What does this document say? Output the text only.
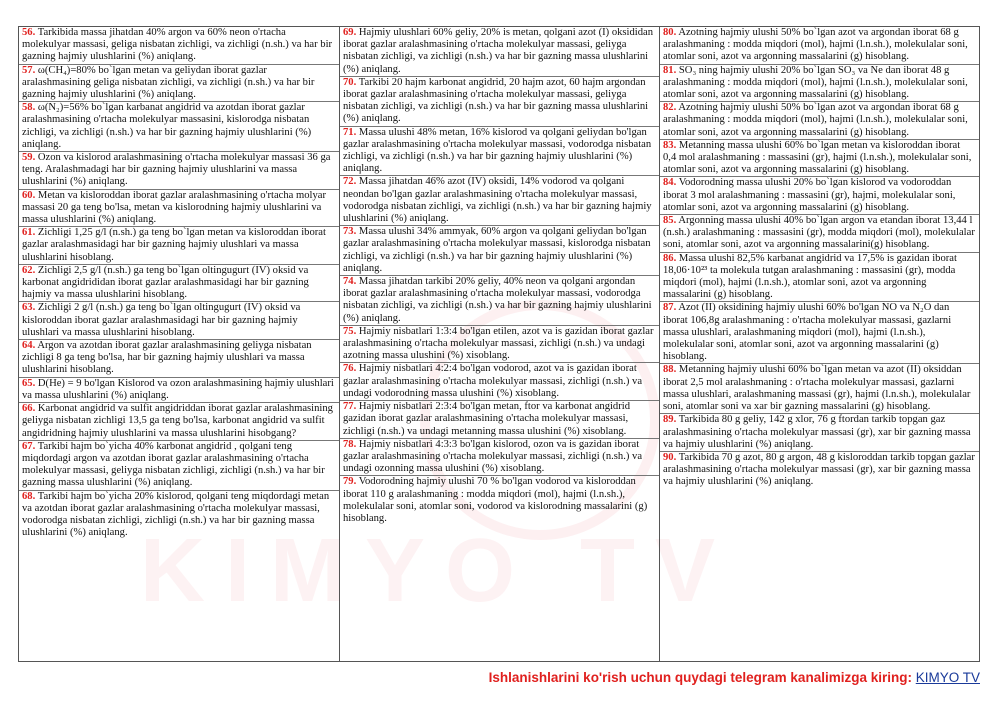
KIMYO TV
56. Tarkibida massa jihatdan 40% argon va 60% neon o'rtacha molekulyar massasi, geliga nisbatan zichligi, va zichligi (n.sh.) va har bir gazning hajmiy ulushlarini (%) aniqlang.
57. ω(CH₄)=80% bo`lgan metan va geliydan iborat gazlar aralashmasining geliga nisbatan zichligi, va zichligi (n.sh.) va har bir gazning hajmiy ulushlarini (%) aniqlang.
58. ω(N₂)=56% bo`lgan karbanat angidrid va azotdan iborat gazlar aralashmasining o'rtacha molekulyar massasini, kislorodga nisbatan zichligi, va zichligi (n.sh.) va har bir gazning hajmiy ulushlarini (%) aniqlang.
59. Ozon va kislorod aralashmasining o'rtacha molekulyar massasi 36 ga teng. Aralashmadagi har bir gazning hajmiy ulushlarini va massa ulushlarini (%) aniqlang.
60. Metan va kisloroddan iborat gazlar aralashmasining o'rtacha molyar massasi 20 ga teng bo'lsa, metan va kislorodning hajmiy ulushlarini va massa ulushlarini (%) aniqlang.
61. Zichligi 1,25 g/l (n.sh.) ga teng bo`lgan metan va kisloroddan iborat gazlar aralashmasidagi har bir gazning hajmiy ulushlari va massa ulushlarini hisoblang.
62. Zichligi 2,5 g/l (n.sh.) ga teng bo`lgan oltingugurt (IV) oksid va karbonat angidrididan iborat gazlar aralashmasidagi har bir gazning hajmiy va massa ulushlarini hisoblang.
63. Zichligi 2 g/l (n.sh.) ga teng bo`lgan oltingugurt (IV) oksid va kisloroddan iborat gazlar aralashmasidagi har bir gazning hajmiy ulushlari va massa ulushlarini hisoblang.
64. Argon va azotdan iborat gazlar aralashmasining geliyga nisbatan zichligi 8 ga teng bo'lsa, har bir gazning hajmiy ulushlari va massa ulushlarini hisoblang.
65. D(He) = 9 bo'lgan Kislorod va ozon aralashmasining hajmiy ulushlari va massa ulushlarini (%) aniqlang.
66. Karbonat angidrid va sulfit angidriddan iborat gazlar aralashmasining geliyga nisbatan zichligi 13,5 ga teng bo'lsa, karbonat angidrid va sulfit angidridning hajmiy ulushlarini va massa ulushlarini hisobgang?
67. Tarkibi hajm bo`yicha 40% karbonat angidrid , qolgani teng miqdordagi argon va azotdan iborat gazlar aralashmasining o'rtacha molekulyar massasi, geliyga nisbatan zichligi, zichligi (n.sh.) va har bir gazning massa ulushlarini (%) aniqlang.
68. Tarkibi hajm bo`yicha 20% kislorod, qolgani teng miqdordagi metan va azotdan iborat gazlar aralashmasining o'rtacha molekulyar massasi, vodorodga nisbatan zichligi, zichligi (n.sh.) va har bir gazning massa ulushlarini (%) aniqlang.
69. Hajmiy ulushlari 60% geliy, 20% is metan, qolgani azot (I) oksididan iborat gazlar aralashmasining o'rtacha molekulyar massasi, geliyga nisbatan zichligi, va zichligi (n.sh.) va har bir gazning massa ulushlarini (%) aniqlang.
70. Tarkibi 20 hajm karbonat angidrid, 20 hajm azot, 60 hajm argondan iborat gazlar aralashmasining o'rtacha molekulyar massasi, geliyga nisbatan zichligi, va zichligi (n.sh.) va har bir gazning massa ulushlarini (%) aniqlang.
71. Massa ulushi 48% metan, 16% kislorod va qolgani geliydan bo'lgan gazlar aralashmasining o'rtacha molekulyar massasi, vodorodga nisbatan zichligi, va zichligi (n.sh.) va har bir gazning hajmiy ulushlarini (%) aniqlang.
72. Massa jihatdan 46% azot (IV) oksidi, 14% vodorod va qolgani neondan bo'lgan gazlar aralashmasining o'rtacha molekulyar massasi, vodorodga nisbatan zichligi, va zichligi (n.sh.) va har bir gazning hajmiy ulushlarini (%) aniqlang.
73. Massa ulushi 34% ammyak, 60% argon va qolgani geliydan bo'lgan gazlar aralashmasining o'rtacha molekulyar massasi, kislorodga nisbatan zichligi, va zichligi (n.sh.) va har bir gazning hajmiy ulushlarini (%) aniqlang.
74. Massa jihatdan tarkibi 20% geliy, 40% neon va qolgani argondan iborat gazlar aralashmasining o'rtacha molekulyar massasi, vodorodga nisbatan zichligi, va zichligi (n.sh.) va har bir gazning hajmiy ulushlarini (%) aniqlang.
75. Hajmiy nisbatlari 1:3:4 bo'lgan etilen, azot va is gazidan iborat gazlar aralashmasining o'rtacha molekulyar massasi, zichligi (n.sh.) va undagi azotning massa ulushini (%) xisoblang.
76. Hajmiy nisbatlari 4:2:4 bo'lgan vodorod, azot va is gazidan iborat gazlar aralashmasining o'rtacha molekulyar massasi, zichligi (n.sh.) va undagi vodorodning massa ulushini (%) xisoblang.
77. Hajmiy nisbatlari 2:3:4 bo'lgan metan, ftor va karbonat angidrid gazidan iborat gazlar aralashmasining o'rtacha molekulyar massasi, zichligi (n.sh.) va undagi metanning massa ulushini (%) xisoblang.
78. Hajmiy nisbatlari 4:3:3 bo'lgan kislorod, ozon va is gazidan iborat gazlar aralashmasining o'rtacha molekulyar massasi, zichligi (n.sh.) va undagi ozonning massa ulushini (%) xisoblang.
79. Vodorodning hajmiy ulushi 70 % bo'lgan vodorod va kisloroddan iborat 110 g aralashmaning : modda miqdori (mol), hajmi (l.n.sh.), molekulalar soni, atomlar soni, vodorod va kislorodning massalarini (g) hisoblang.
80. Azotning hajmiy ulushi 50% bo`lgan azot va argondan iborat 68 g aralashmaning : modda miqdori (mol), hajmi (l.n.sh.), molekulalar soni, atomlar soni, azot va argonning massalarini (g) hisoblang.
81. SO₃ ning hajmiy ulushi 20% bo`lgan SO₃ va Ne dan iborat 48 g aralashmaning : modda miqdori (mol), hajmi (l.n.sh.), molekulalar soni, atomlar soni, azot va argonning massalarini (g) hisoblang.
82. Azotning hajmiy ulushi 50% bo`lgan azot va argondan iborat 68 g aralashmaning : modda miqdori (mol), hajmi (l.n.sh.), molekulalar soni, atomlar soni, azot va argonning massalarini (g) hisoblang.
83. Metanning massa ulushi 60% bo`lgan metan va kisloroddan iborat 0,4 mol aralashmaning : massasini (gr), hajmi (l.n.sh.), molekulalar soni, atomlar soni, azot va argonning massalarini (g) hisoblang.
84. Vodorodning massa ulushi 20% bo`lgan kislorod va vodoroddan iborat 3 mol aralashmaning : massasini (gr), hajmi, molekulalar soni, atomlar soni, azot va argonning massalarini (g) hisoblang.
85. Argonning massa ulushi 40% bo`lgan argon va etandan iborat 13,44 l (n.sh.) aralashmaning : massasini (gr), modda miqdori (mol), molekulalar soni, atomlar soni, azot va argonning massalarini(g) hisoblang.
86. Massa ulushi 82,5% karbanat angidrid va 17,5% is gazidan iborat 18,06·10²³ ta molekula tutgan aralashmaning : massasini (gr), modda miqdori (mol), hajmi (l.n.sh.), atomlar soni, azot va argonning massalarini (g) hisoblang.
87. Azot (II) oksidining hajmiy ulushi 60% bo'lgan NO va N₂O dan iborat 106,8g aralashmaning : o'rtacha molekulyar massasi, gazlarni massa ulushlari, aralashmaning miqdori (mol), hajmi (l.n.sh.), molekulalar soni, atomlar soni, azot va argonning massalarini (g) hisoblang.
88. Metanning hajmiy ulushi 60% bo`lgan metan va azot (II) oksiddan iborat 2,5 mol aralashmaning : o'rtacha molekulyar massasi, gazlarni massa ulushlari, aralashmaning massasi (gr), hajmi (l.n.sh.), molekulalar soni, atomlar soni va xar bir gazning massalarini (g) hisoblang.
89. Tarkibida 80 g geliy, 142 g xlor, 76 g ftordan tarkib topgan gaz aralashmasining o'rtacha molekulyar massasi (gr), xar bir gazning massa va hajmiy ulushlarini (%) aniqlang.
90. Tarkibida 70 g azot, 80 g argon, 48 g kisloroddan tarkib topgan gazlar aralashmasining o'rtacha molekulyar massasi (gr), xar bir gazning massa va hajmiy ulushlarini (%) aniqlang.
Ishlanishlarini ko'rish uchun quydagi telegram kanalimizga kiring: KIMYO TV
